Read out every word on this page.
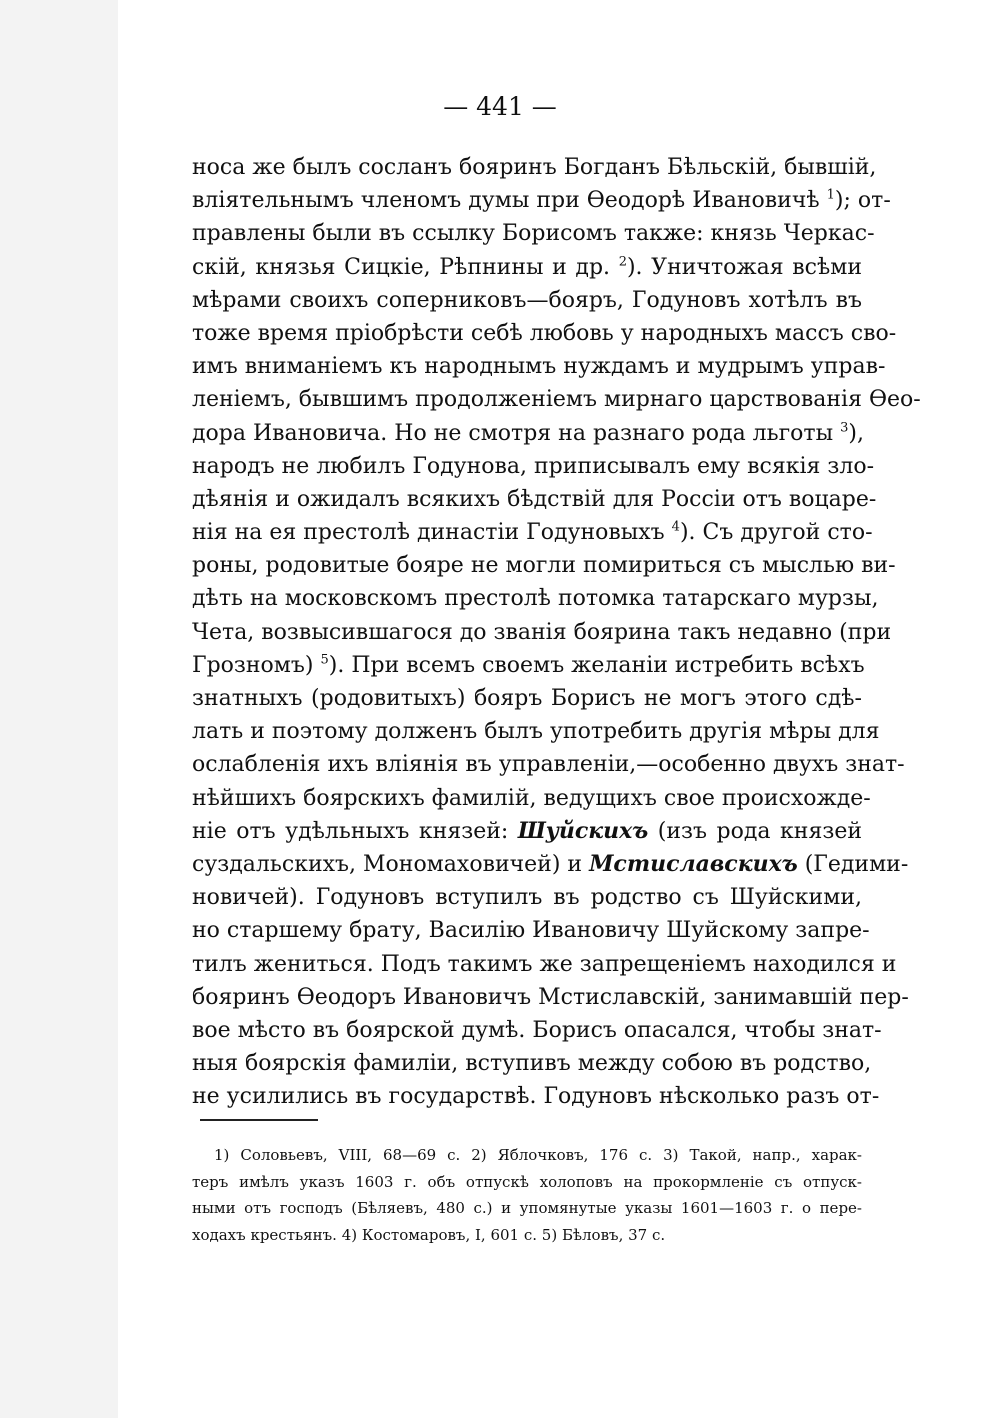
— 441 —
носа же былъ сосланъ бояринъ Богданъ Бѣльскій, бывшій,
вліятельнымъ членомъ думы при Ѳеодорѣ Ивановичѣ $^1$); от-
правлены были въ ссылку Борисомъ также: князь Черкас-
скій, князья Сицкіе, Рѣпнины и др. $^2$). Уничтожая всѣми
мѣрами своихъ соперниковъ—бояръ, Годуновъ хотѣлъ въ
тоже время пріобрѣсти себѣ любовь у народныхъ массъ сво-
имъ вниманіемъ къ народнымъ нуждамъ и мудрымъ управ-
леніемъ, бывшимъ продолженіемъ мирнаго царствованія Ѳео-
дора Ивановича. Но не смотря на разнаго рода льготы $^3$),
народъ не любилъ Годунова, приписывалъ ему всякія зло-
дѣянія и ожидалъ всякихъ бѣдствій для Россіи отъ воцаре-
нія на ея престолѣ династіи Годуновыхъ $^4$). Съ другой сто-
роны, родовитые бояре не могли помириться съ мыслью ви-
дѣть на московскомъ престолѣ потомка татарскаго мурзы,
Чета, возвысившагося до званія боярина такъ недавно (при
Грозномъ) $^5$). При всемъ своемъ желаніи истребить всѣхъ
знатныхъ (родовитыхъ) бояръ Борисъ не могъ этого сдѣ-
лать и поэтому долженъ былъ употребить другія мѣры для
ослабленія ихъ вліянія въ управленіи,—особенно двухъ знат-
нѣйшихъ боярскихъ фамилій, ведущихъ свое происхожде-
ніе отъ удѣльныхъ князей: Шуйскихъ (изъ рода князей
суздальскихъ, Мономаховичей) и Мстиславскихъ (Гедими-
новичей). Годуновъ вступилъ въ родство съ Шуйскими,
но старшему брату, Василію Ивановичу Шуйскому запре-
тилъ жениться. Подъ такимъ же запрещеніемъ находился и
бояринъ Ѳеодоръ Ивановичъ Мстиславскій, занимавшій пер-
вое мѣсто въ боярской думѣ. Борисъ опасался, чтобы знат-
ныя боярскія фамиліи, вступивъ между собою въ родство,
не усилились въ государствѣ. Годуновъ нѣсколько разъ от-
1) Соловьевъ, VIII, 68—69 с. 2) Яблочковъ, 176 с. 3) Такой, напр., харак-
теръ имѣлъ указъ 1603 г. объ отпускѣ холоповъ на прокормленіе съ отпуск-
ными отъ господъ (Бѣляевъ, 480 с.) и упомянутые указы 1601—1603 г. о пере-
ходахъ крестьянъ. 4) Костомаровъ, I, 601 с. 5) Бѣловъ, 37 с.
